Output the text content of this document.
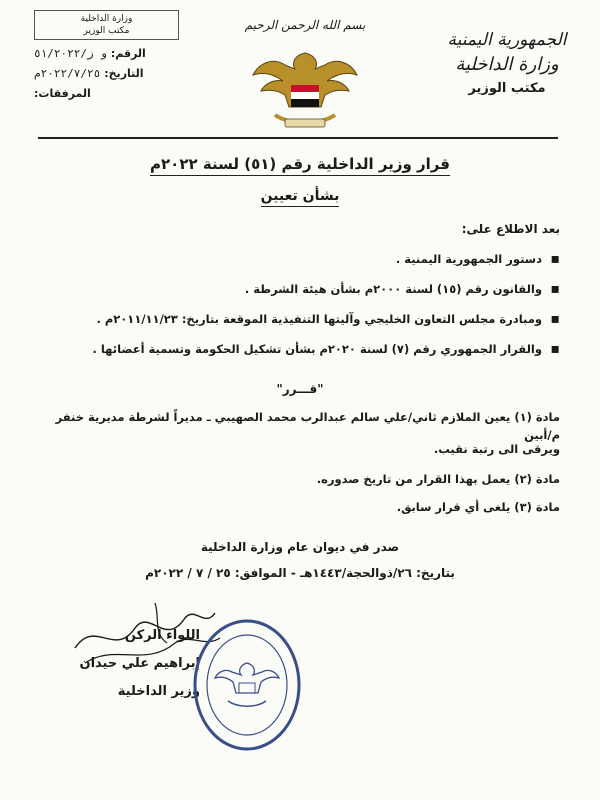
الجمهورية اليمنية
وزارة الداخلية
مكتب الوزير
بسم الله الرحمن الرحيم
وزارة الداخلية
مكتب الوزير
الرقم:
و ز/٥١/٢٠٢٢
التاريخ:
٢٠٢٢/٧/٢٥م
المرفقات:
قرار وزير الداخلية رقم (٥١) لسنة ٢٠٢٢م
بشأن تعيين
بعد الاطلاع على:
▪ دستور الجمهورية اليمنية .
▪ والقانون رقم (١٥) لسنة ٢٠٠٠م بشأن هيئة الشرطة .
▪ ومبادرة مجلس التعاون الخليجي وآليتها التنفيذية الموقعة بتاريخ: ٢٠١١/١١/٢٣م .
▪ والقرار الجمهوري رقم (٧) لسنة ٢٠٢٠م بشأن تشكيل الحكومة وتسمية أعضائها .
"قـــرر"
مادة (١) يعين الملازم ثاني/علي سالم عبدالرب محمد الصهيبي ـ مديراً لشرطة مديرية خنفر م/أبين
ويرقى الى رتبة نقيب.
مادة (٢) يعمل بهذا القرار من تاريخ صدوره.
مادة (٣) يلغى أي قرار سابق.
صدر في ديوان عام وزارة الداخلية
بتاريخ: ٢٦/ذوالحجة/١٤٤٣هـ - الموافق: ٢٥ / ٧ / ٢٠٢٢م
اللواء الركن
إبراهيم علي حيدان
وزير الداخلية
